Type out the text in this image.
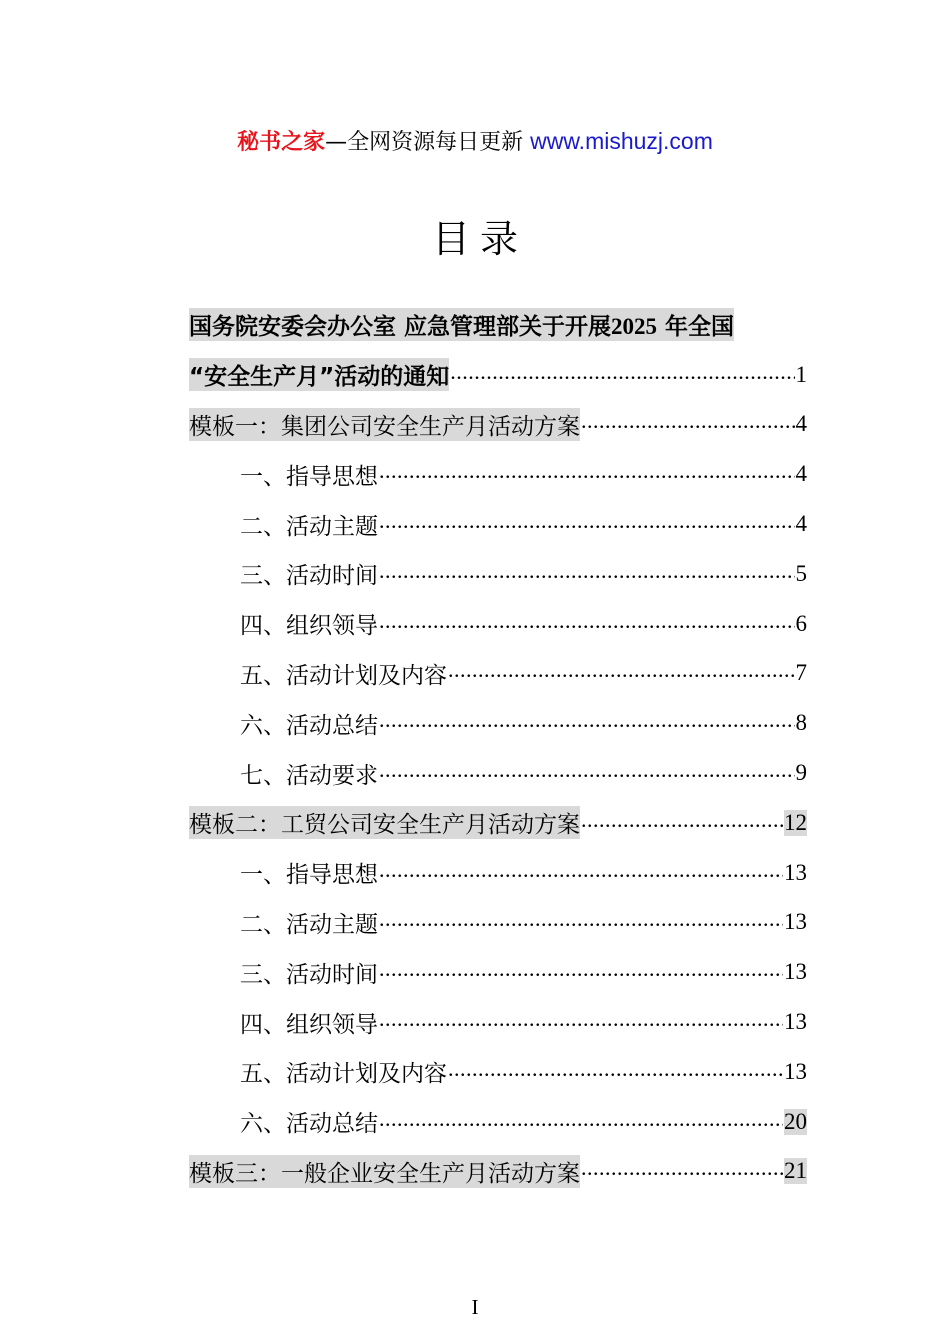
秘书之家—全网资源每日更新 www.mishuzj.com
目录
国务院安委会办公室 应急管理部关于开展2025 年全国
“安全生产月”活动的通知 .....	1
模板一：集团公司安全生产月活动方案 .....	4
一、指导思想 .....	4
二、活动主题 .....	4
三、活动时间 .....	5
四、组织领导 .....	6
五、活动计划及内容 .....	7
六、活动总结 .....	8
七、活动要求 .....	9
模板二：工贸公司安全生产月活动方案 .....	12
一、指导思想 .....	13
二、活动主题 .....	13
三、活动时间 .....	13
四、组织领导 .....	13
五、活动计划及内容 .....	13
六、活动总结 .....	20
模板三：一般企业安全生产月活动方案 .....	21
I
